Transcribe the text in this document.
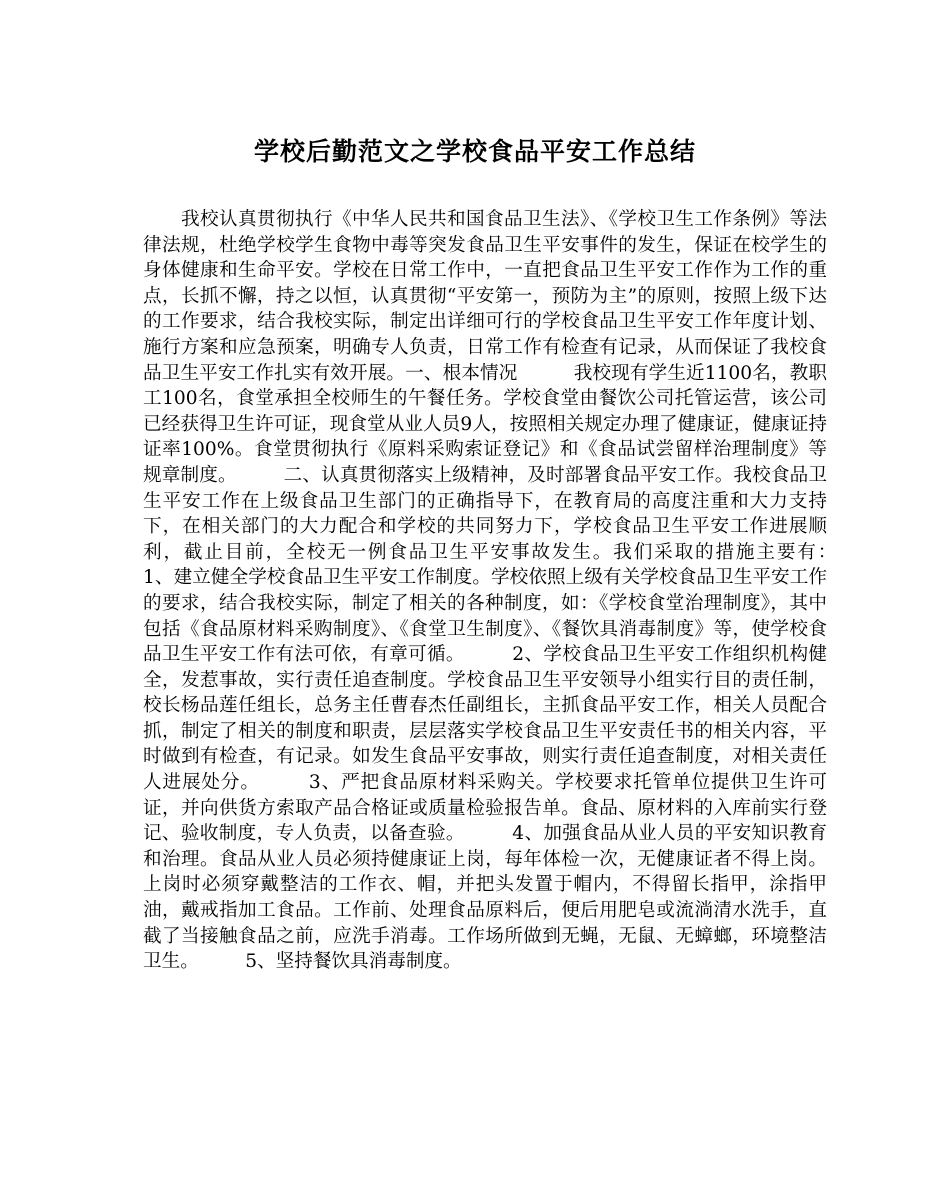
学校后勤范文之学校食品平安工作总结

　　我校认真贯彻执行《中华人民共和国食品卫生法》、《学校卫生工作条例》等法律法规，杜绝学校学生食物中毒等突发食品卫生平安事件的发生，保证在校学生的身体健康和生命平安。学校在日常工作中，一直把食品卫生平安工作作为工作的重点，长抓不懈，持之以恒，认真贯彻“平安第一，预防为主”的原则，按照上级下达的工作要求，结合我校实际，制定出详细可行的学校食品卫生平安工作年度计划、施行方案和应急预案，明确专人负责，日常工作有检查有记录，从而保证了我校食品卫生平安工作扎实有效开展。一、根本情况　　　我校现有学生近1100名，教职工100名，食堂承担全校师生的午餐任务。学校食堂由餐饮公司托管运营，该公司已经获得卫生许可证，现食堂从业人员9人，按照相关规定办理了健康证，健康证持证率100%。食堂贯彻执行《原料采购索证登记》和《食品试尝留样治理制度》等规章制度。　　　二、认真贯彻落实上级精神，及时部署食品平安工作。我校食品卫生平安工作在上级食品卫生部门的正确指导下，在教育局的高度注重和大力支持下，在相关部门的大力配合和学校的共同努力下，学校食品卫生平安工作进展顺利，截止目前，全校无一例食品卫生平安事故发生。我们采取的措施主要有：　　　1、建立健全学校食品卫生平安工作制度。学校依照上级有关学校食品卫生平安工作的要求，结合我校实际，制定了相关的各种制度，如：《学校食堂治理制度》，其中包括《食品原材料采购制度》、《食堂卫生制度》、《餐饮具消毒制度》等，使学校食品卫生平安工作有法可依，有章可循。　　　2、学校食品卫生平安工作组织机构健全，发惹事故，实行责任追查制度。学校食品卫生平安领导小组实行目的责任制，校长杨品莲任组长，总务主任曹春杰任副组长，主抓食品平安工作，相关人员配合抓，制定了相关的制度和职责，层层落实学校食品卫生平安责任书的相关内容，平时做到有检查，有记录。如发生食品平安事故，则实行责任追查制度，对相关责任人进展处分。　　　3、严把食品原材料采购关。学校要求托管单位提供卫生许可证，并向供货方索取产品合格证或质量检验报告单。食品、原材料的入库前实行登记、验收制度，专人负责，以备查验。　　　4、加强食品从业人员的平安知识教育和治理。食品从业人员必须持健康证上岗，每年体检一次，无健康证者不得上岗。上岗时必须穿戴整洁的工作衣、帽，并把头发置于帽内，不得留长指甲，涂指甲油，戴戒指加工食品。工作前、处理食品原料后，便后用肥皂或流淌清水洗手，直截了当接触食品之前，应洗手消毒。工作场所做到无蝇，无鼠、无蟑螂，环境整洁卫生。　　　5、坚持餐饮具消毒制度。
